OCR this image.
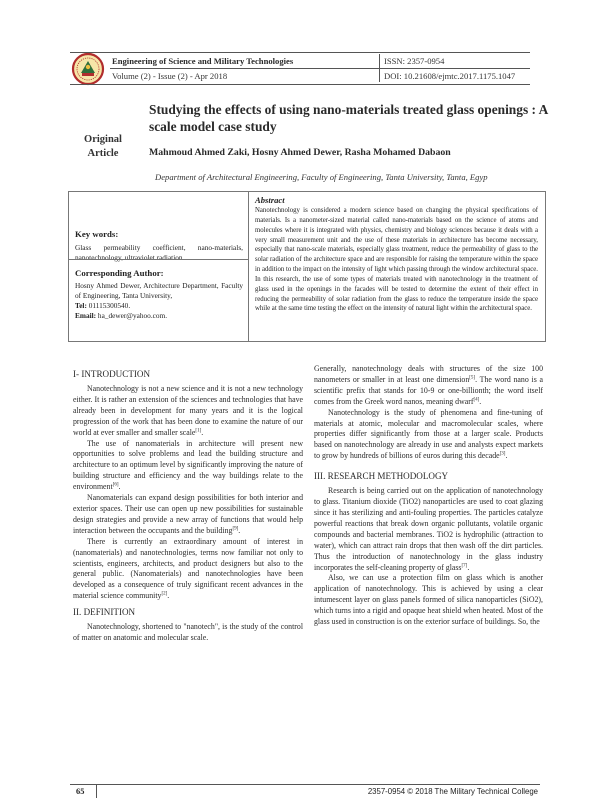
Engineering of Science and Military Technologies
Volume (2) - Issue (2) - Apr 2018
ISSN: 2357-0954
DOI: 10.21608/ejmtc.2017.1175.1047
Original Article
Studying the effects of using nano-materials treated glass openings : A scale model case study
Mahmoud Ahmed Zaki, Hosny Ahmed Dewer, Rasha Mohamed Dabaon
Department of Architectural Engineering, Faculty of Engineering, Tanta University, Tanta, Egyp
Key words:
Glass permeability coefficient, nano-materials, nanotechnology, ultraviolet radiation.
Corresponding Author:
Hosny Ahmed Dewer, Architecture Department, Faculty of Engineering, Tanta University,
Tel: 01115300540.
Email: ha_dewer@yahoo.com.
Abstract
Nanotechnology is considered a modern science based on changing the physical specifications of materials. Is a nanometer-sized material called nano-materials based on the science of atoms and molecules where it is integrated with physics, chemistry and biology sciences because it deals with a very small measurement unit and the use of these materials in architecture has become necessary, especially that nano-scale materials, especially glass treatment, reduce the permeability of glass to the solar radiation of the architecture space and are responsible for raising the temperature within the space in addition to the impact on the intensity of light which passing through the window architectural space. In this research, the use of some types of materials treated with nanotechnology in the treatment of glass used in the openings in the facades will be tested to determine the extent of their effect in reducing the permeability of solar radiation from the glass to reduce the temperature inside the space while at the same time testing the effect on the intensity of natural light within the architectural space.

I- INTRODUCTION

Nanotechnology is not a new science and it is not a new technology either. It is rather an extension of the sciences and technologies that have already been in development for many years and it is the logical progression of the work that has been done to examine the nature of our world at ever smaller and smaller scale[1].

The use of nanomaterials in architecture will present new opportunities to solve problems and lead the building structure and architecture to an optimum level by significantly improving the nature of building structure and efficiency and the way buildings relate to the environment[6].

Nanomaterials can expand design possibilities for both interior and exterior spaces. Their use can open up new possibilities for sustainable design strategies and provide a new array of functions that would help interaction between the occupants and the building[9].

There is currently an extraordinary amount of interest in (nanomaterials) and nanotechnologies, terms now familiar not only to scientists, engineers, architects, and product designers but also to the general public. (Nanomaterials) and nanotechnologies have been developed as a consequence of truly significant recent advances in the material science community[2].

II. DEFINITION

Nanotechnology, shortened to "nanotech", is the study of the control of matter on anatomic and molecular scale.

Generally, nanotechnology deals with structures of the size 100 nanometers or smaller in at least one dimension[5]. The word nano is a scientific prefix that stands for 10-9 or one-billionth; the word itself comes from the Greek word nanos, meaning dwarf[4].

Nanotechnology is the study of phenomena and fine-tuning of materials at atomic, molecular and macromolecular scales, where properties differ significantly from those at a larger scale. Products based on nanotechnology are already in use and analysts expect markets to grow by hundreds of billions of euros during this decade[3].

III. RESEARCH METHODOLOGY

Research is being carried out on the application of nanotechnology to glass. Titanium dioxide (TiO2) nanoparticles are used to coat glazing since it has sterilizing and anti-fouling properties. The particles catalyze powerful reactions that break down organic pollutants, volatile organic compounds and bacterial membranes. TiO2 is hydrophilic (attraction to water), which can attract rain drops that then wash off the dirt particles. Thus the introduction of nanotechnology in the glass industry incorporates the self-cleaning property of glass[7].

Also, we can use a protection film on glass which is another application of nanotechnology. This is achieved by using a clear intumescent layer on glass panels formed of silica nanoparticles (SiO2), which turns into a rigid and opaque heat shield when heated. Most of the glass used in construction is on the exterior surface of buildings. So, the

65	2357-0954 © 2018 The Military Technical College
